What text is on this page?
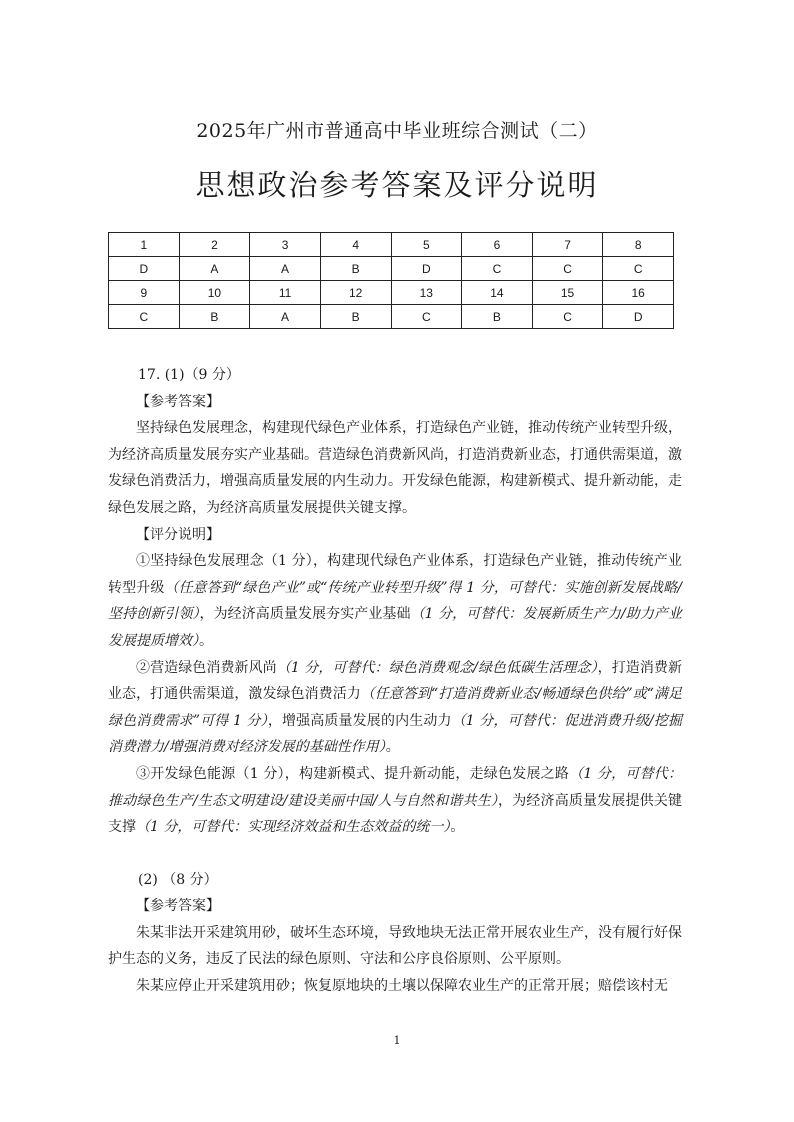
2025年广州市普通高中毕业班综合测试（二）
思想政治参考答案及评分说明
1	2	3	4	5	6	7	8
D	A	A	B	D	C	C	C
9	10	11	12	13	14	15	16
C	B	A	B	C	B	C	D

17. (1)（9 分）

【参考答案】

坚持绿色发展理念，构建现代绿色产业体系，打造绿色产业链，推动传统产业转型升级，为经济高质量发展夯实产业基础。营造绿色消费新风尚，打造消费新业态，打通供需渠道，激发绿色消费活力，增强高质量发展的内生动力。开发绿色能源，构建新模式、提升新动能，走绿色发展之路，为经济高质量发展提供关键支撑。

【评分说明】

①坚持绿色发展理念（1 分），构建现代绿色产业体系，打造绿色产业链，推动传统产业转型升级（任意答到“绿色产业”或“传统产业转型升级”得 1 分，可替代：实施创新发展战略/坚持创新引领），为经济高质量发展夯实产业基础（1 分，可替代：发展新质生产力/助力产业发展提质增效）。

②营造绿色消费新风尚（1 分，可替代：绿色消费观念/绿色低碳生活理念），打造消费新业态，打通供需渠道，激发绿色消费活力（任意答到“打造消费新业态/畅通绿色供给”或“满足绿色消费需求”可得 1 分），增强高质量发展的内生动力（1 分，可替代：促进消费升级/挖掘消费潜力/增强消费对经济发展的基础性作用）。

③开发绿色能源（1 分），构建新模式、提升新动能，走绿色发展之路（1 分，可替代：推动绿色生产/生态文明建设/建设美丽中国/人与自然和谐共生），为经济高质量发展提供关键支撑（1 分，可替代：实现经济效益和生态效益的统一）。

(2) （8 分）

【参考答案】

朱某非法开采建筑用砂，破坏生态环境，导致地块无法正常开展农业生产，没有履行好保护生态的义务，违反了民法的绿色原则、守法和公序良俗原则、公平原则。

朱某应停止开采建筑用砂；恢复原地块的土壤以保障农业生产的正常开展；赔偿该村无

1
